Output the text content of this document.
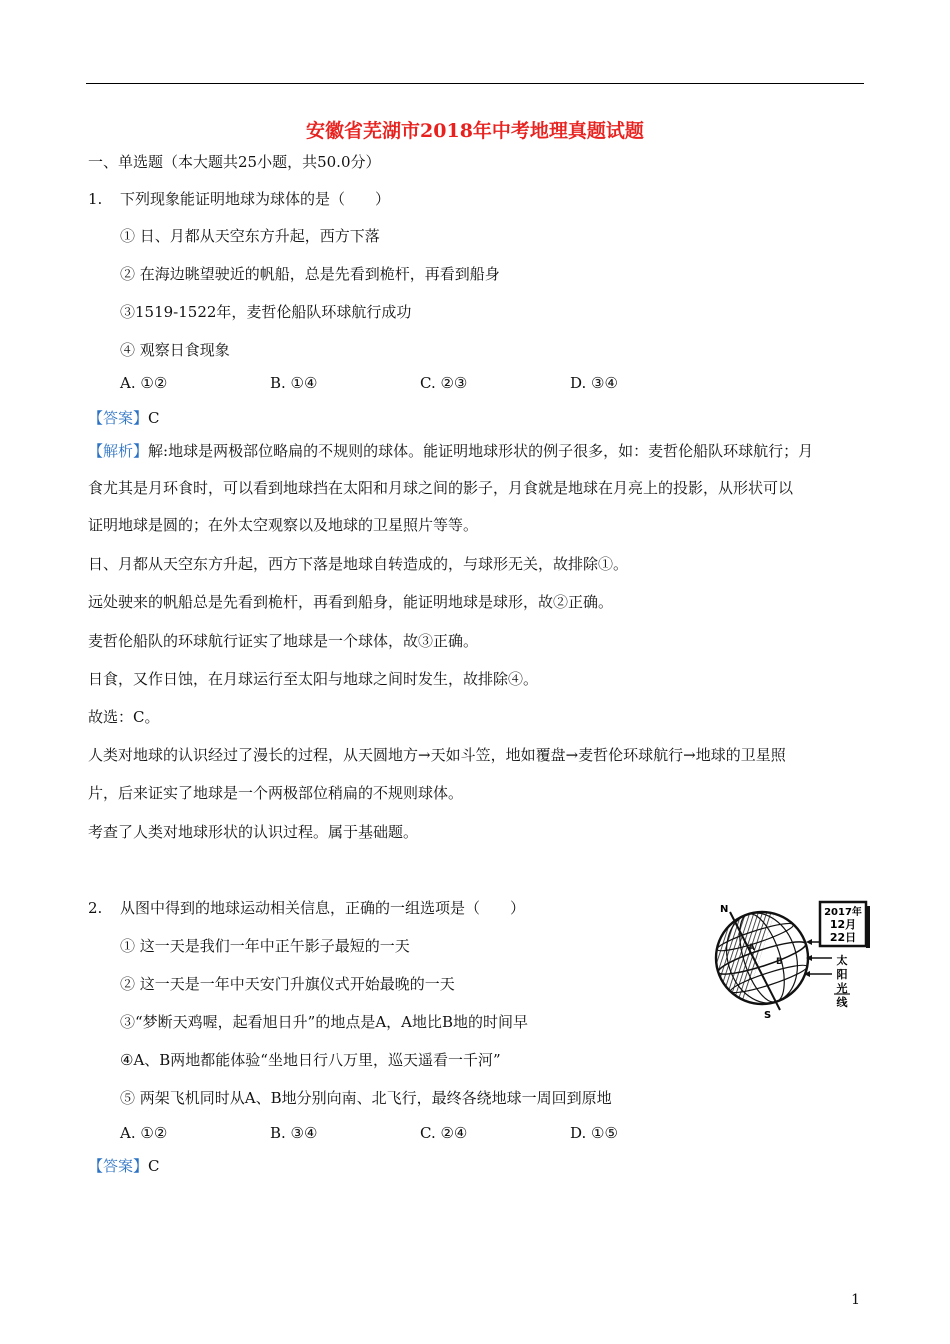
安徽省芜湖市2018年中考地理真题试题
一、单选题（本大题共25小题，共50.0分）
1. 下列现象能证明地球为球体的是（　　）
① 日、月都从天空东方升起，西方下落
② 在海边眺望驶近的帆船，总是先看到桅杆，再看到船身
③1519-1522年，麦哲伦船队环球航行成功
④ 观察日食现象
A. ①②	B. ①④	C. ②③	D. ③④
【答案】C
【解析】解:地球是两极部位略扁的不规则的球体。能证明地球形状的例子很多，如：麦哲伦船队环球航行；月
食尤其是月环食时，可以看到地球挡在太阳和月球之间的影子，月食就是地球在月亮上的投影，从形状可以
证明地球是圆的；在外太空观察以及地球的卫星照片等等。
日、月都从天空东方升起，西方下落是地球自转造成的，与球形无关，故排除①。
远处驶来的帆船总是先看到桅杆，再看到船身，能证明地球是球形，故②正确。
麦哲伦船队的环球航行证实了地球是一个球体，故③正确。
日食，又作日蚀，在月球运行至太阳与地球之间时发生，故排除④。
故选：C。
人类对地球的认识经过了漫长的过程，从天圆地方→天如斗笠，地如覆盘→麦哲伦环球航行→地球的卫星照
片，后来证实了地球是一个两极部位稍扁的不规则球体。
考查了人类对地球形状的认识过程。属于基础题。
2. 从图中得到的地球运动相关信息，正确的一组选项是（　　）
① 这一天是我们一年中正午影子最短的一天
② 这一天是一年中天安门升旗仪式开始最晚的一天
③“梦断天鸡喔，起看旭日升”的地点是A，A地比B地的时间早
④A、B两地都能体验“坐地日行八万里，巡天遥看一千河”
⑤ 两架飞机同时从A、B地分别向南、北飞行，最终各绕地球一周回到原地
A. ①②	B. ③④	C. ②④	D. ①⑤
【答案】C
2017年
12月
22日
太
阳
光
线
N
S
A
B
1
